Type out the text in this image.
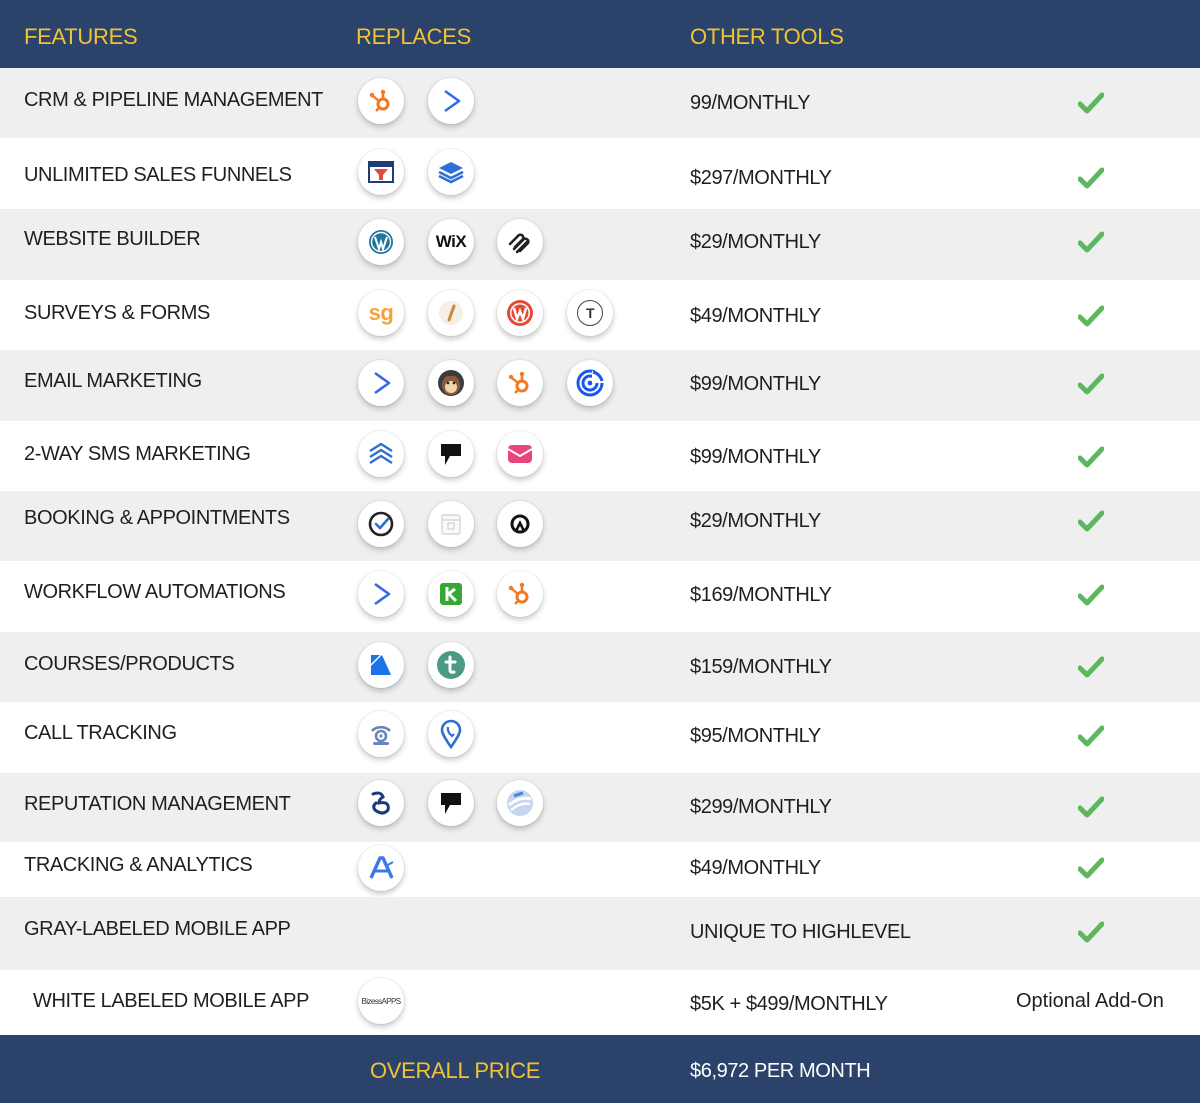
FEATURES	REPLACES	OTHER TOOLS
CRM & PIPELINE MANAGEMENT	99/MONTHLY
UNLIMITED SALES FUNNELS	$297/MONTHLY
WEBSITE BUILDER	WiX	$29/MONTHLY
SURVEYS & FORMS	sg	T	$49/MONTHLY
EMAIL MARKETING	$99/MONTHLY
2-WAY SMS MARKETING	$99/MONTHLY
BOOKING & APPOINTMENTS	$29/MONTHLY
WORKFLOW AUTOMATIONS	$169/MONTHLY
COURSES/PRODUCTS	$159/MONTHLY
CALL TRACKING	$95/MONTHLY
REPUTATION MANAGEMENT	$299/MONTHLY
TRACKING & ANALYTICS	$49/MONTHLY
GRAY-LABELED MOBILE APP	UNIQUE TO HIGHLEVEL
WHITE LABELED MOBILE APP	BizessAPPS	$5K + $499/MONTHLY	Optional Add-On
OVERALL PRICE	$6,972 PER MONTH
